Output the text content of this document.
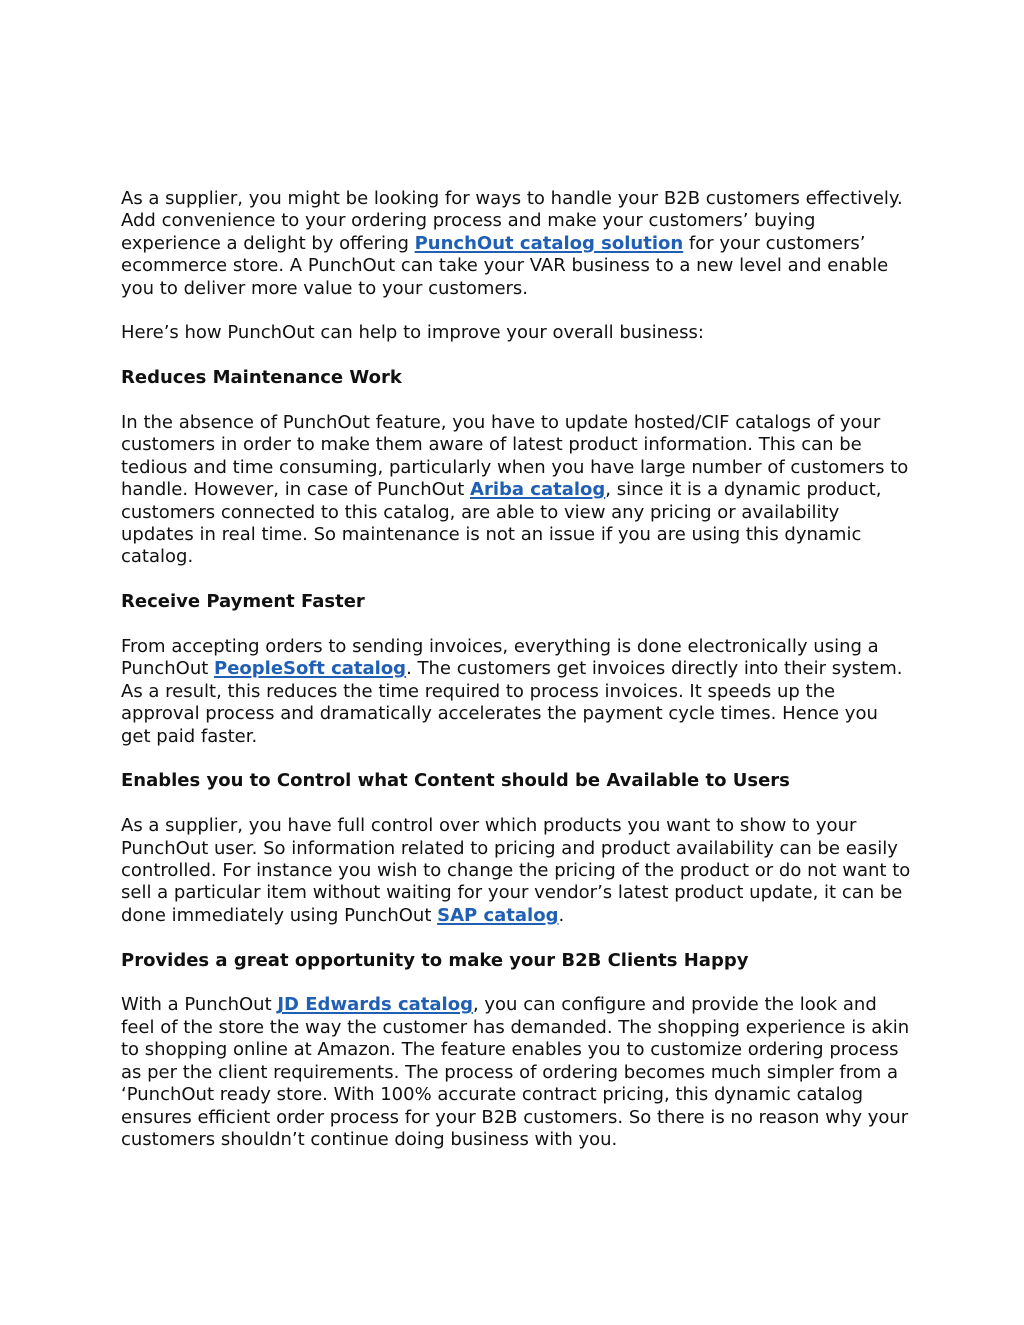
As a supplier, you might be looking for ways to handle your B2B customers effectively. Add convenience to your ordering process and make your customers’ buying experience a delight by offering PunchOut catalog solution for your customers’ ecommerce store. A PunchOut can take your VAR business to a new level and enable you to deliver more value to your customers.

Here’s how PunchOut can help to improve your overall business:

Reduces Maintenance Work

In the absence of PunchOut feature, you have to update hosted/CIF catalogs of your customers in order to make them aware of latest product information. This can be tedious and time consuming, particularly when you have large number of customers to handle. However, in case of PunchOut Ariba catalog, since it is a dynamic product, customers connected to this catalog, are able to view any pricing or availability updates in real time. So maintenance is not an issue if you are using this dynamic catalog.

Receive Payment Faster

From accepting orders to sending invoices, everything is done electronically using a PunchOut PeopleSoft catalog. The customers get invoices directly into their system. As a result, this reduces the time required to process invoices. It speeds up the approval process and dramatically accelerates the payment cycle times. Hence you get paid faster.

Enables you to Control what Content should be Available to Users

As a supplier, you have full control over which products you want to show to your PunchOut user. So information related to pricing and product availability can be easily controlled. For instance you wish to change the pricing of the product or do not want to sell a particular item without waiting for your vendor’s latest product update, it can be done immediately using PunchOut SAP catalog.

Provides a great opportunity to make your B2B Clients Happy

With a PunchOut JD Edwards catalog, you can configure and provide the look and feel of the store the way the customer has demanded. The shopping experience is akin to shopping online at Amazon. The feature enables you to customize ordering process as per the client requirements. The process of ordering becomes much simpler from a ‘PunchOut ready store. With 100% accurate contract pricing, this dynamic catalog ensures efficient order process for your B2B customers. So there is no reason why your customers shouldn’t continue doing business with you.
